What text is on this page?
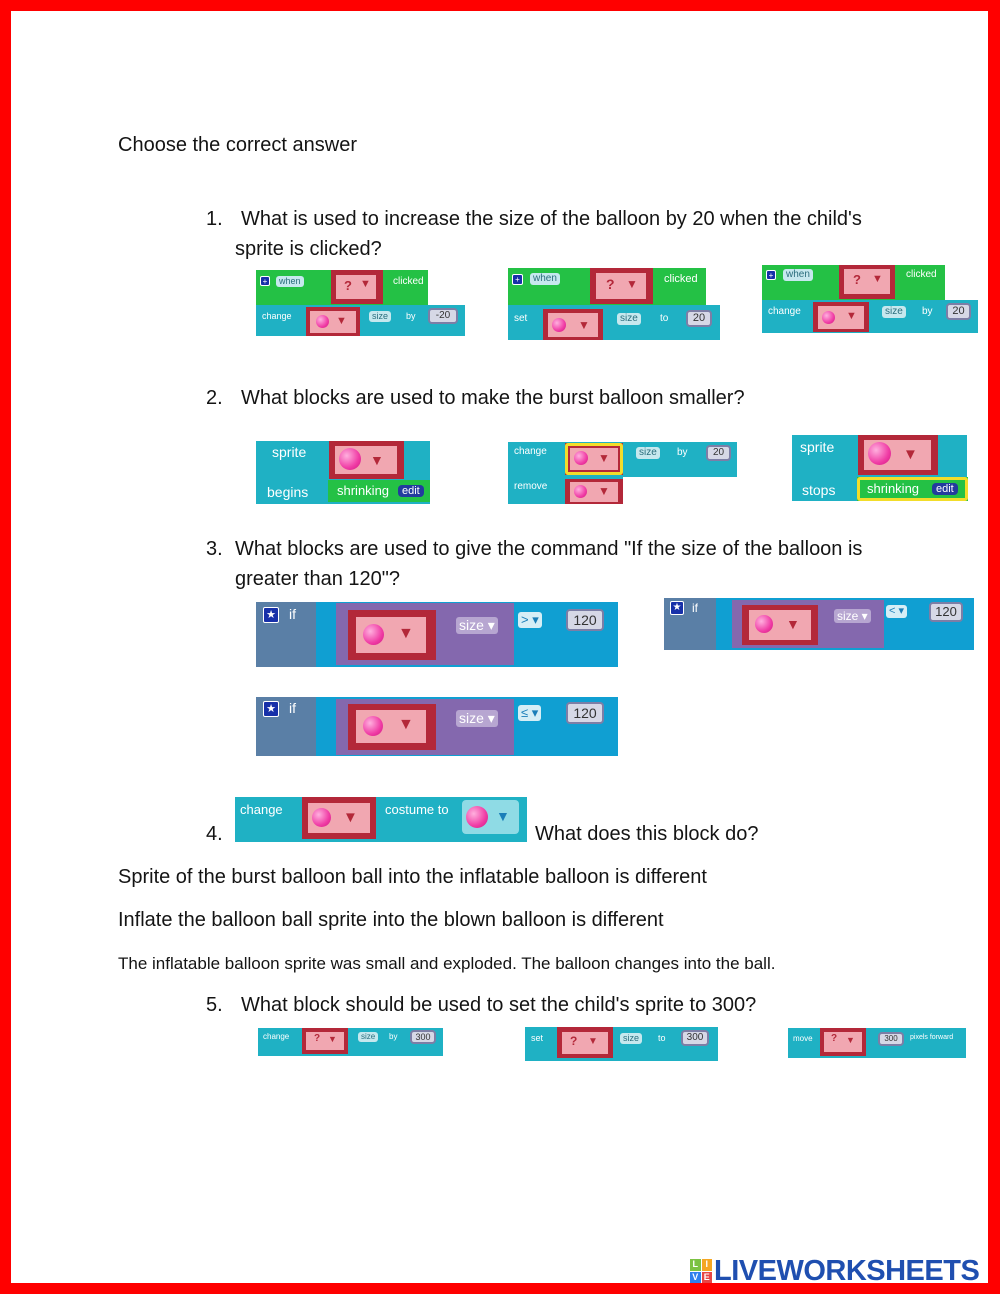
Choose the correct answer
1. What is used to increase the size of the balloon by 20 when the child's
sprite is clicked?
+	when	? ▼ clicked
change	▼	size	by	-20
+	when	? ▼ clicked
set	▼	size	to	20
+	when	? ▼ clicked
change	▼	size	by	20
2. What blocks are used to make the burst balloon smaller?
sprite	▼
begins shrinking	edit
change	▼	size	by	20
remove	▼
sprite	▼
stops shrinking	edit
3. What blocks are used to give the command "If the size of the balloon is
greater than 120"?
★ if
▼	size ▾ > ▾	120
★ if
▼	size ▾ < ▾	120
★ if
▼	size ▾ ≤ ▾	120
4.
change	▼ costume to	▼
What does this block do?
Sprite of the burst balloon ball into the inflatable balloon is different
Inflate the balloon ball sprite into the blown balloon is different
The inflatable balloon sprite was small and exploded. The balloon changes into the ball.
5. What block should be used to set the child's sprite to 300?
change ? ▼	size	by	300	set ? ▼	size	to	300	move ? ▼	300	pixels forward
L I
V E LIVEWORKSHEETS
